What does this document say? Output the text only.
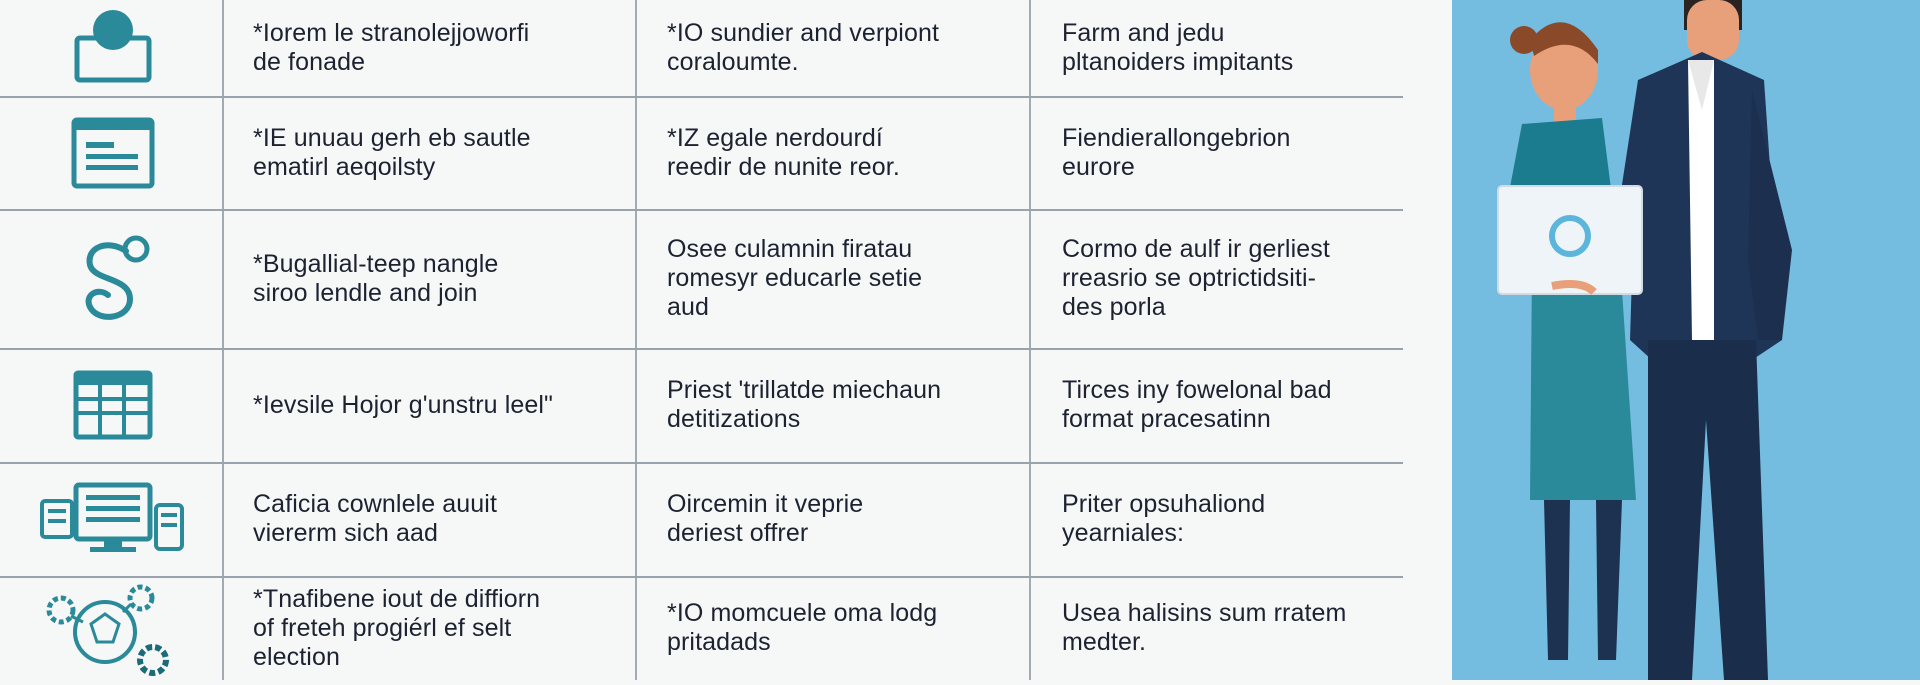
*Iorem le stranolejjoworfi
de fonade
*IO sundier and verpiont
coraloumte.
Farm and jedu
pltanoiders impitants
*IE unuau gerh eb sautle
ematirl aeqoilsty
*IZ egale nerdourdí
reedir de nunite reor.
Fiendierallongebrion
eurore
*Bugallial-teep nangle
siroo lendle and join
Osee culamnin firatau
romesyr educarle setie
aud
Cormo de aulf ir gerliest
rreasrio se optrictidsiti-
des porla
*Ievsile Hojor g'unstru leel"
Priest 'trillatde miechaun
detitizations
Tirces iny fowelonal bad
format pracesatinn
Caficia cownlele auuit
viererm sich aad
Oircemin it veprie
deriest offrer
Priter opsuhaliond
yearniales:
*Tnafibene iout de diffiorn
of freteh progiérl ef selt
election
*IO momcuele oma lodg
pritadads
Usea halisins sum rratem
medter.
